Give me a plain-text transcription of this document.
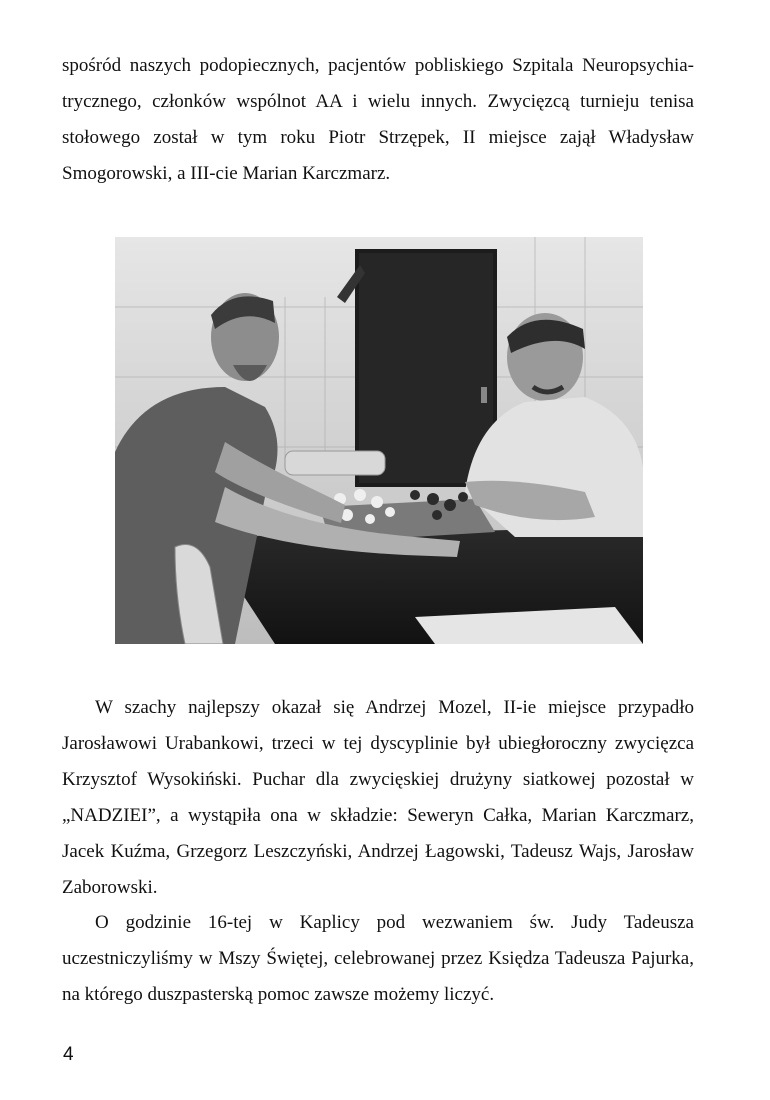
spośród naszych podopiecznych, pacjentów pobliskiego Szpitala Neuropsychia- trycznego, członków wspólnot AA i wielu innych. Zwycięzcą turnieju tenisa stołowego został w tym roku Piotr Strzępek, II miejsce zajął Władysław Smogorowski, a III-cie Marian Karczmarz.

W szachy najlepszy okazał się Andrzej Mozel, II-ie miejsce przypadło Jarosławowi Urabankowi, trzeci w tej dyscyplinie był ubiegłoroczny zwycięzca Krzysztof Wysokiński. Puchar dla zwycięskiej drużyny siatkowej pozostał w „NADZIEI”, a wystąpiła ona w składzie: Seweryn Całka, Marian Karczmarz, Jacek Kuźma, Grzegorz Leszczyński, Andrzej Łagowski, Tadeusz Wajs, Jarosław Zaborowski.

O godzinie 16-tej w Kaplicy pod wezwaniem św. Judy Tadeusza uczestniczyliśmy w Mszy Świętej, celebrowanej przez Księdza Tadeusza Pajurka, na którego duszpasterską pomoc zawsze możemy liczyć.

4
